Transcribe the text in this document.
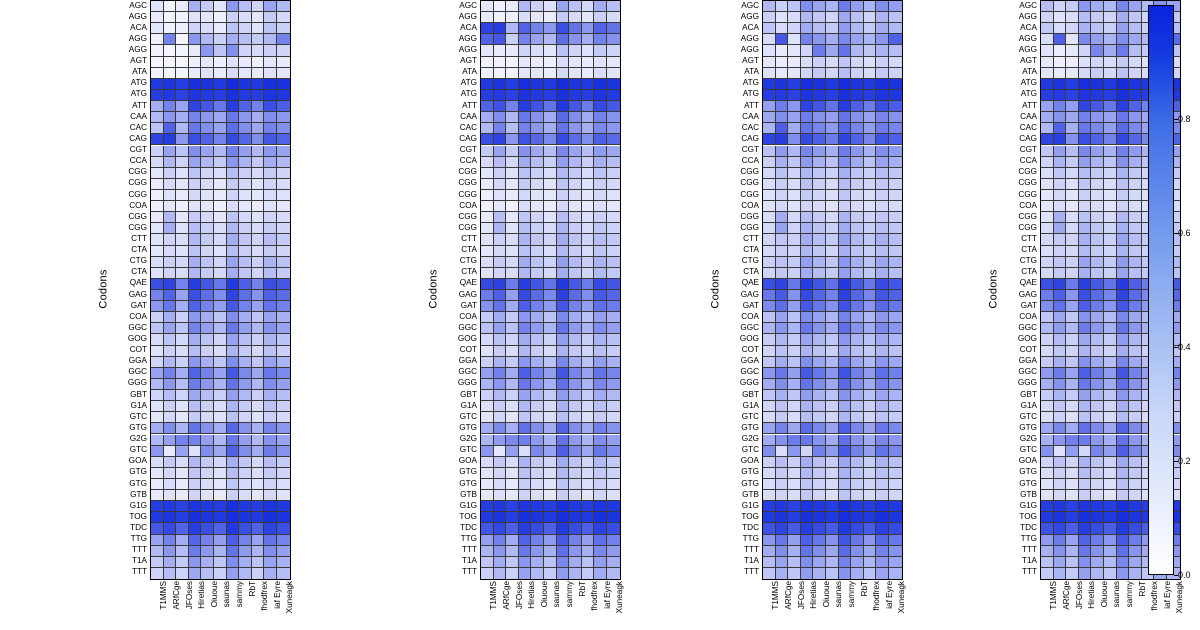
Codons
AGC
AGG
ACA
AGG
AGG
AGT
ATA
ATG
ATG
ATT
CAA
CAC
CAG
CGT
CCA
CGG
CGG
CGG
COA
CGG
CGG
CTT
CTA
CTG
CTA
QAE
GAG
GAT
COA
GGC
GOG
COT
GGA
GGC
GGG
GBT
G1A
GTC
GTG
G2G
GTC
GOA
GTG
GTG
GTB
G1G
TOG
TDC
TTG
TTT
T1A
TTT
T1MMS ARfCge JFOses Hiretias Oiuoue saunas sammy RbT fhodfrex iaf Eyre Xuneagk
Codons
AGC
AGG
ACA
AGG
AGG
AGT
ATA
ATG
ATG
ATT
CAA
CAC
CAG
CGT
CCA
CGG
CGG
CGG
COA
CGG
CGG
CTT
CTA
CTG
CTA
QAE
GAG
GAT
COA
GGC
GOG
COT
GGA
GGC
GGG
GBT
G1A
GTC
GTG
G2G
GTC
GOA
GTG
GTG
GTB
G1G
TOG
TDC
TTG
TTT
T1A
TTT
T1MMS ARfCge JFOses Hiretias Oiuoue saunas sammy RbT fhodfrex iaf Eyre Xuneagk
Codons
AGC
AGG
ACA
AGG
AGG
AGT
ATA
ATG
ATG
ATT
CAA
CAC
CAG
CGT
CCA
CGG
CGG
CGG
COA
CGG
CGG
CTT
CTA
CTG
CTA
QAE
GAG
GAT
COA
GGC
GOG
COT
GGA
GGC
GGG
GBT
G1A
GTC
GTG
G2G
GTC
GOA
GTG
GTG
GTB
G1G
TOG
TDC
TTG
TTT
T1A
TTT
T1MMS ARfCge JFOses Hiretias Oiuoue saunas sammy RbT fhodfrex iaf Eyre Xuneagk
Codons
AGC
AGG
ACA
AGG
AGG
AGT
ATA
ATG
ATG
ATT
CAA
CAC
CAG
CGT
CCA
CGG
CGG
CGG
COA
CGG
CGG
CTT
CTA
CTG
CTA
QAE
GAG
GAT
COA
GGC
GOG
COT
GGA
GGC
GGG
GBT
G1A
GTC
GTG
G2G
GTC
GOA
GTG
GTG
GTB
G1G
TOG
TDC
TTG
TTT
T1A
TTT
T1MMS ARfCge JFOses Hiretias Oiuoue saunas sammy RbT fhodfrex iaf Eyre Xuneagk
0.0
0.2
0.4
0.6
0.8
